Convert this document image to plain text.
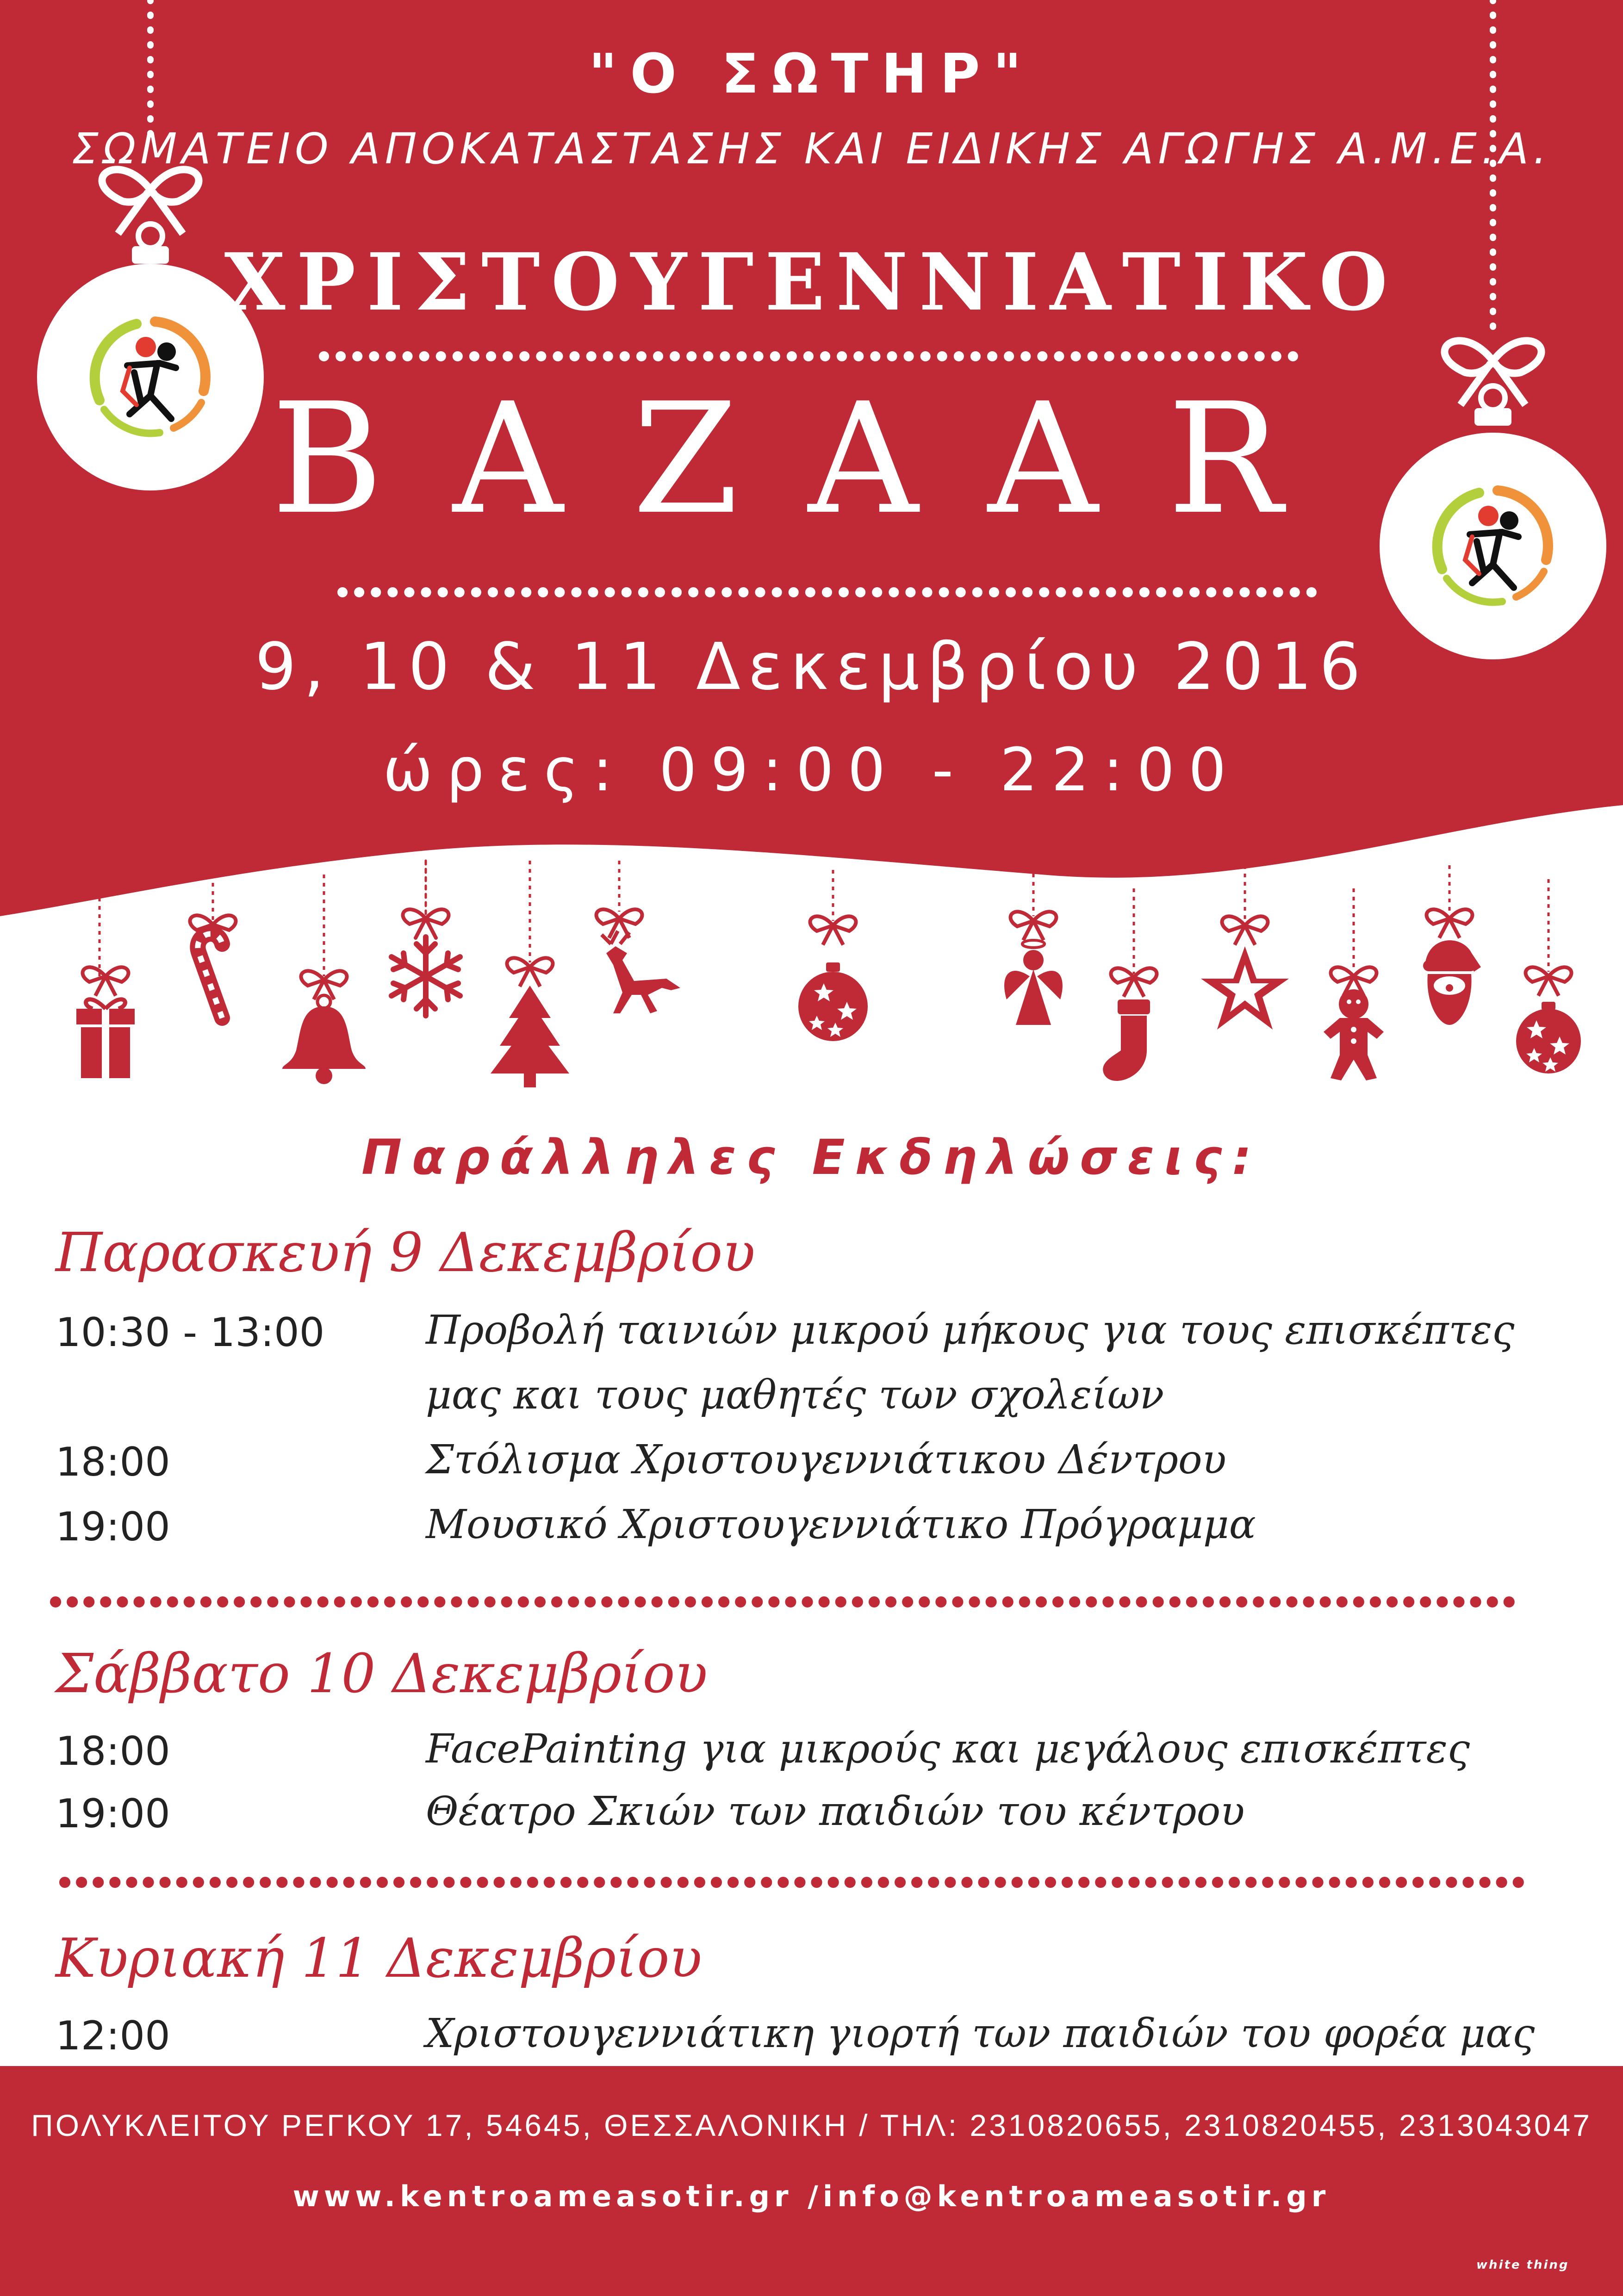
"Ο ΣΩΤΗΡ"
ΣΩΜΑΤΕΙΟ ΑΠΟΚΑΤΑΣΤΑΣΗΣ ΚΑΙ ΕΙΔΙΚΗΣ ΑΓΩΓΗΣ Α.Μ.Ε.Α.
ΧΡΙΣΤΟΥΓΕΝΝΙΑΤΙΚΟ
BAZAAR
9, 10 & 11 Δεκεμβρίου 2016
ώρες: 09:00 - 22:00
Παράλληλες Εκδηλώσεις:
Παρασκευή 9 Δεκεμβρίου
10:30 - 13:00	Προβολή ταινιών μικρού μήκους για τους επισκέπτες
μας και τους μαθητές των σχολείων
18:00	Στόλισμα Χριστουγεννιάτικου Δέντρου
19:00	Μουσικό Χριστουγεννιάτικο Πρόγραμμα
Σάββατο 10 Δεκεμβρίου
18:00	FacePainting για μικρούς και μεγάλους επισκέπτες
19:00	Θέατρο Σκιών των παιδιών του κέντρου
Κυριακή 11 Δεκεμβρίου
12:00	Χριστουγεννιάτικη γιορτή των παιδιών του φορέα μας
ΠΟΛΥΚΛΕΙΤΟΥ ΡΕΓΚΟΥ 17, 54645, ΘΕΣΣΑΛΟΝΙΚΗ / ΤΗΛ: 2310820655, 2310820455, 2313043047
www.kentroameasotir.gr /info@kentroameasotir.gr
white thing
